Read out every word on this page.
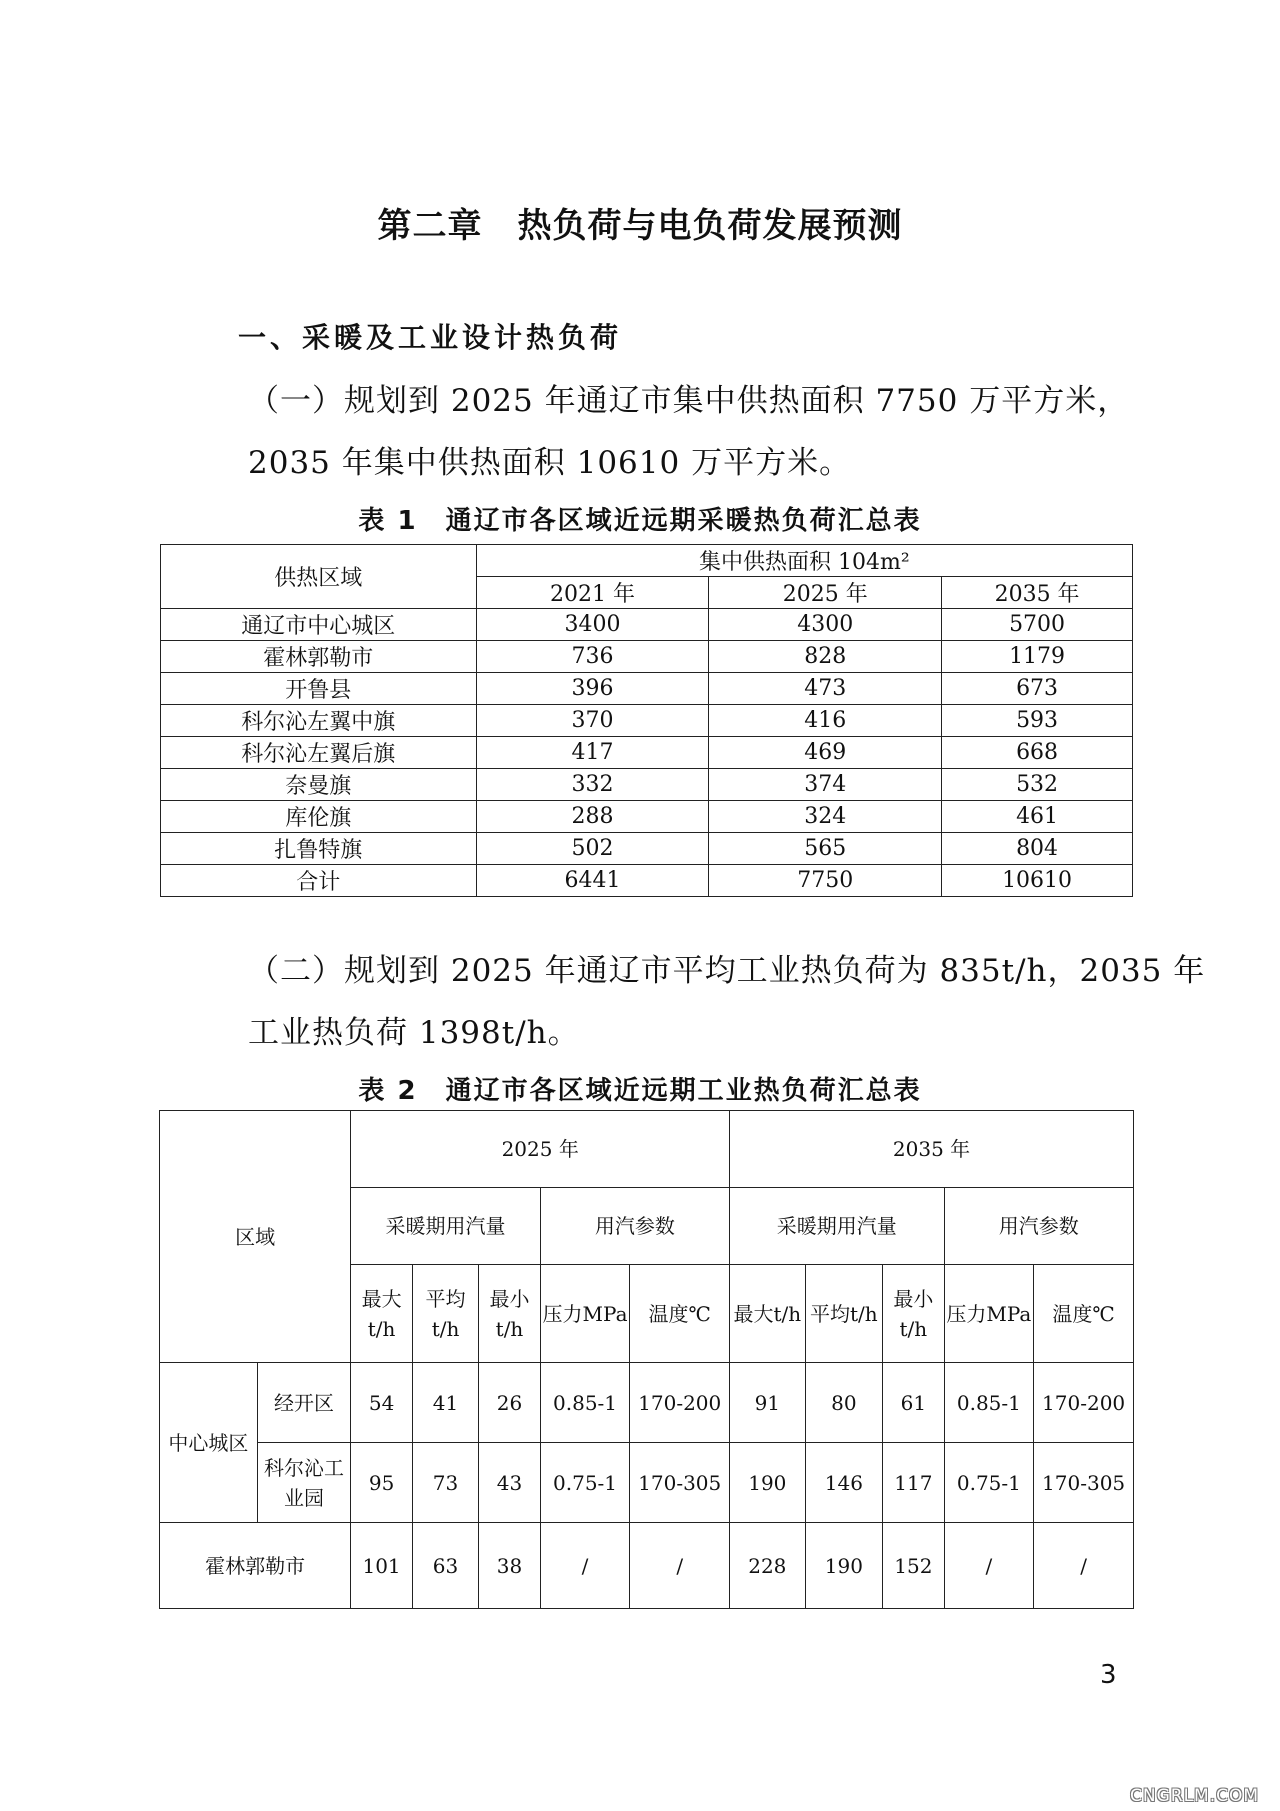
第二章　热负荷与电负荷发展预测
一、采暖及工业设计热负荷
（一）规划到 2025 年通辽市集中供热面积 7750 万平方米，2035 年集中供热面积 10610 万平方米。
表 1　通辽市各区域近远期采暖热负荷汇总表
供热区域	集中供热面积 104m²		
	2021 年	2025 年	2035 年
通辽市中心城区	3400	4300	5700
霍林郭勒市	736	828	1179
开鲁县	396	473	673
科尔沁左翼中旗	370	416	593
科尔沁左翼后旗	417	469	668
奈曼旗	332	374	532
库伦旗	288	324	461
扎鲁特旗	502	565	804
合计	6441	7750	10610
（二）规划到 2025 年通辽市平均工业热负荷为 835t/h，2035 年工业热负荷 1398t/h。
表 2　通辽市各区域近远期工业热负荷汇总表
区域		2025 年					2035 年				
		采暖期用汽量			用汽参数		采暖期用汽量			用汽参数	
		最大t/h	平均t/h	最小t/h	压力MPa	温度℃	最大t/h	平均t/h	最小t/h	压力MPa	温度℃
中心城区	经开区	54	41	26	0.85-1	170-200	91	80	61	0.85-1	170-200
	科尔沁工业园	95	73	43	0.75-1	170-305	190	146	117	0.75-1	170-305
霍林郭勒市		101	63	38	/	/	228	190	152	/	/
3
CNGRLM.COM
